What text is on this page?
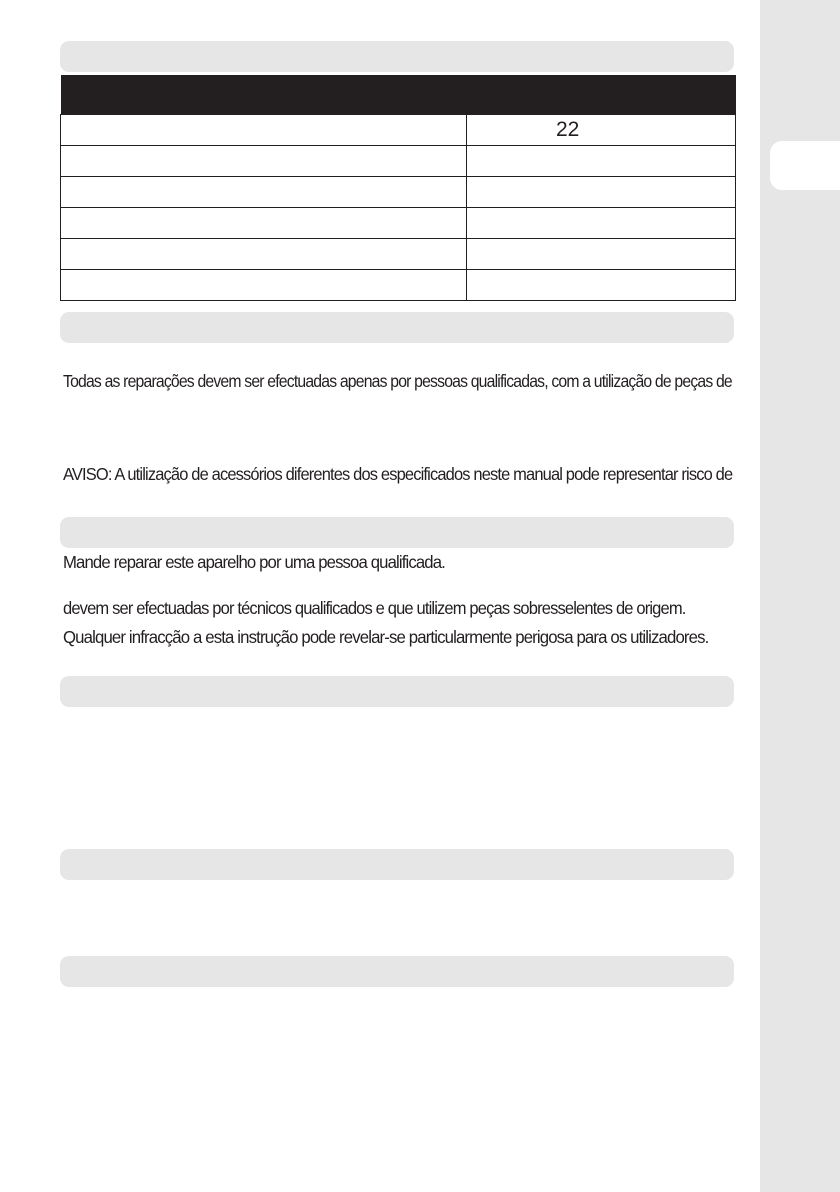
	22

Todas as reparações devem ser efectuadas apenas por pessoas qualificadas, com a utilização de peças de
AVISO: A utilização de acessórios diferentes dos especificados neste manual pode representar risco de
Mande reparar este aparelho por uma pessoa qualificada.
devem ser efectuadas por técnicos qualificados e que utilizem peças sobresselentes de origem.
Qualquer infracção a esta instrução pode revelar-se particularmente perigosa para os utilizadores.
